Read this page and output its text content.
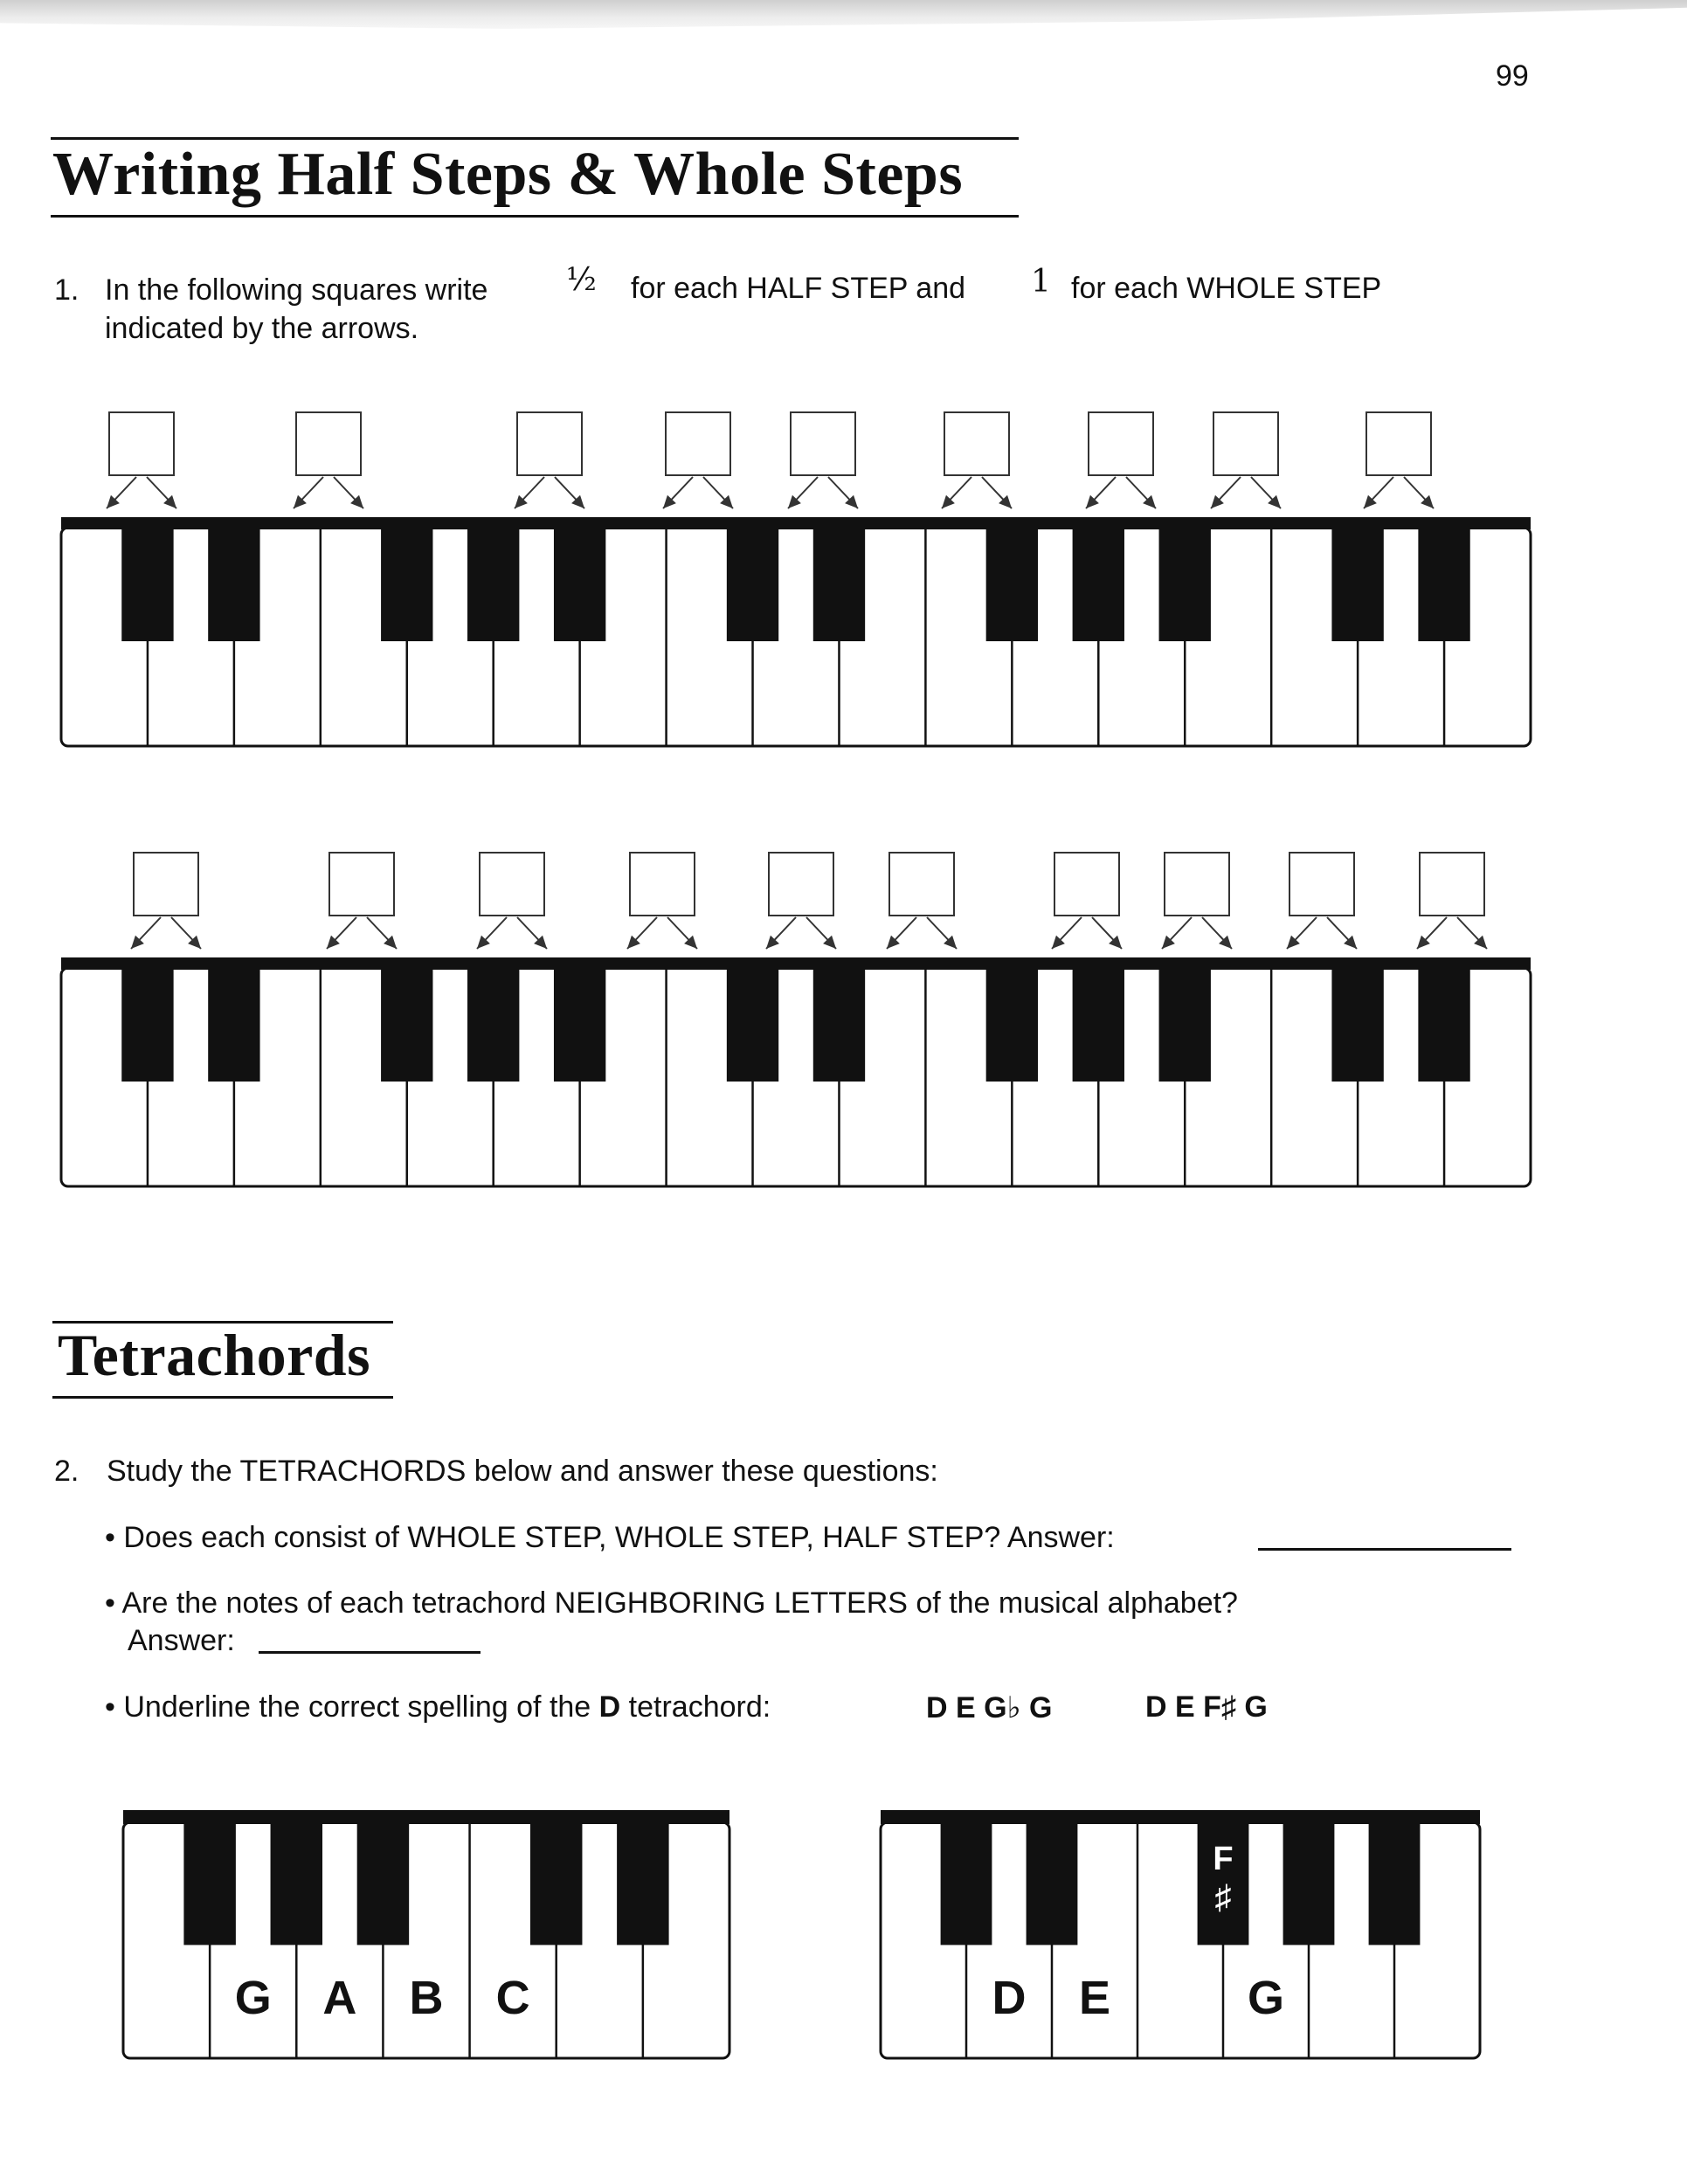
99
Writing Half Steps & Whole Steps
1. In the following squares write ½ for each HALF STEP and 1 for each WHOLE STEP
indicated by the arrows.
Tetrachords
2. Study the TETRACHORDS below and answer these questions:
• Does each consist of WHOLE STEP, WHOLE STEP, HALF STEP? Answer:
• Are the notes of each tetrachord NEIGHBORING LETTERS of the musical alphabet?
Answer:
• Underline the correct spelling of the D tetrachord:	D E G♭ G	D E F♯ G
G A B C	D E	G
F
♯
